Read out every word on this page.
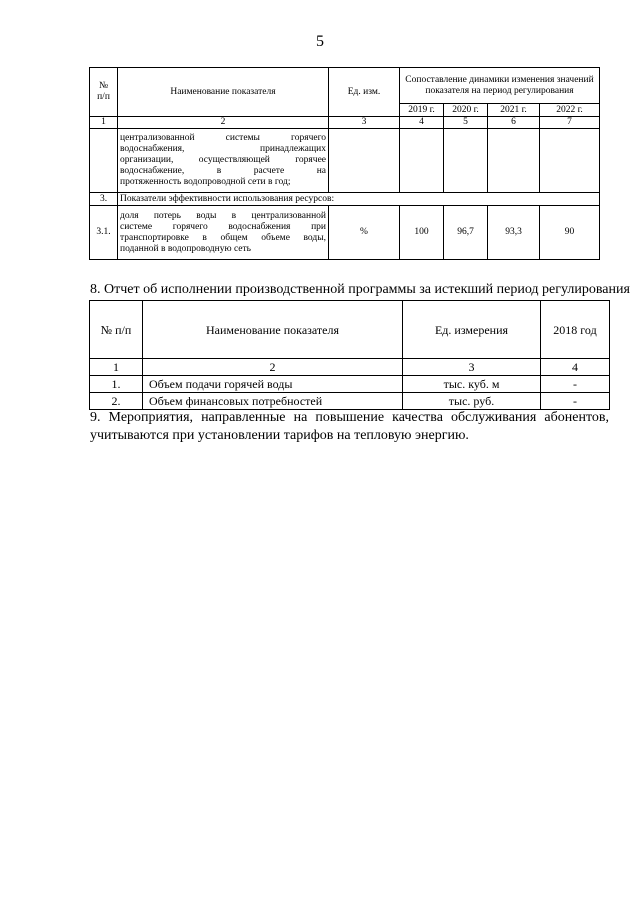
5
№
п/п	Наименование показателя	Ед. изм.	Сопоставление динамики изменения значений показателя на период регулирования			
			2019 г.	2020 г.	2021 г.	2022 г.
1	2	3	4	5	6	7

	централизованной системы горячего
водоснабжения, принадлежащих
организации, осуществляющей горячее
водоснабжение, в расчете на
протяженность водопроводной сети в год;					

3.	Показатели эффективности использования ресурсов:					
3.1.	доля потерь воды в централизованной
системе горячего водоснабжения при
транспортировке в общем объеме воды,
поданной в водопроводную сеть	%	100	96,7	93,3	90
8. Отчет об исполнении производственной программы за истекший период регулирования
№ п/п	Наименование показателя	Ед. измерения	2018 год
1	2	3	4
1.	Объем подачи горячей воды	тыс. куб. м	-
2.	Объем финансовых потребностей	тыс. руб.	-
9. Мероприятия, направленные на повышение качества обслуживания абонентов,
учитываются при установлении тарифов на тепловую энергию.
